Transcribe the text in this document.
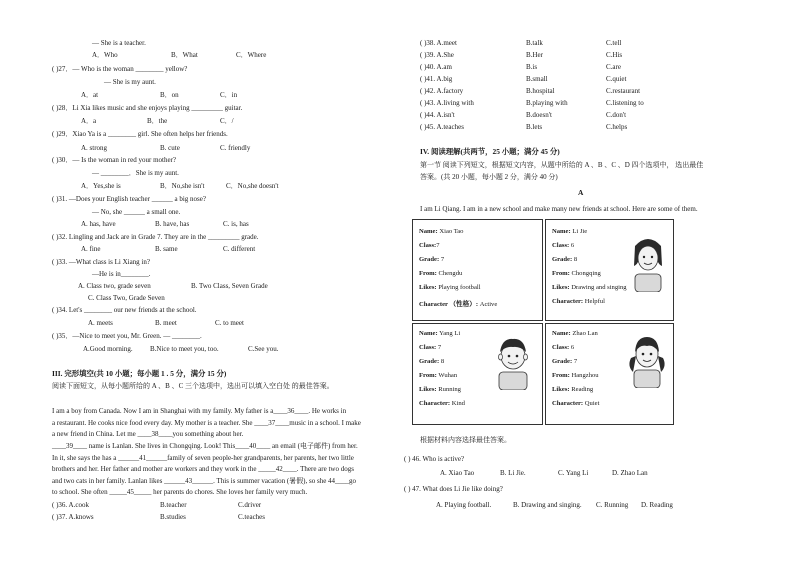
— She is a teacher.
A．Who	B．What	C．Where
( )27．— Who is the woman ________ yellow?
— She is my aunt.
A．at	B．on	C．in
( )28．Li Xia likes music and she enjoys playing _________ guitar.
A．a	B．the	C．/
( )29．Xiao Ya is a ________ girl. She often helps her friends.
A. strong	B. cute	C. friendly
( )30．— Is the woman in red your mother?
— ________．She is my aunt.
A．Yes,she is	B．No,she isn't	C．No,she doesn't
( )31. —Does your English teacher ______ a big nose?
— No, she ______ a small one.
A. has, have	B. have, has	C. is, has
( )32. Lingling and Jack are in Grade 7. They are in the _________ grade.
A. fine	B. same	C. different
( )33. —What class is Li Xiang in?
—He is in________.
A. Class two, grade seven	B. Two Class, Seven Grade
C. Class Two, Grade Seven
( )34. Let's ________ our new friends at the school.
A. meets	B. meet	C. to meet
( )35．—Nice to meet you, Mr. Green. — ________.
A.Good morning. B.Nice to meet you, too.	C.See you.
III. 完形填空(共 10 小题；每小题 1 . 5 分，满分 15 分)
阅读下面短文，从每小题所给的 A 、B 、C 三个选项中，选出可以填入空白处 的最佳答案。
I am a boy from Canada. Now I am in Shanghai with my family. My father is a____36____. He works in
a restaurant. He cooks nice food every day. My mother is a teacher. She ____37____music in a school. I make
a new friend in China. Let me ____38____you something about her.
____39____ name is Lanlan. She lives in Chongqing. Look! This____40____ an email (电子邮件) from her.
In it, she says the has a ______41______family of seven people-her grandparents, her parents, her two little
brothers and her. Her father and mother are workers and they work in the _____42____. There are two dogs
and two cats in her family. Lanlan likes ______43______. This is summer vacation (暑假), so she 44____go
to school. She often _____45_____ her parents do chores. She loves her family very much.
( )36. A.cook	B.teacher	C.driver
( )37. A.knows	B.studies	C.teaches
( )38. A.meet	B.talk	C.tell
( )39. A.She	B.Her	C.His
( )40. A.am	B.is	C.are
( )41. A.big	B.small	C.quiet
( )42. A.factory	B.hospital	C.restaurant
( )43. A.living with	B.playing with	C.listening to
( )44. A.isn't	B.doesn't	C.don't
( )45. A.teaches	B.lets	C.helps
IV. 阅读理解(共两节，25 小题；满分 45 分)
第一节 阅读下列短文，根据短文内容，从题中所给的 A 、B 、C 、D 四个选项中， 选出最佳
答案。(共 20 小题，每小题 2 分，满分 40 分)
A
I am Li Qiang. I am in a new school and make many new friends at school. Here are some of them.
Name: Xiao Tao
Class:7
Grade: 7
From: Chengdu
Likes: Playing football
Character （性格）: Active
Name: Li Jie
Class: 6
Grade: 8
From: Chongqing
Likes: Drawing and singing
Character: Helpful
Name: Yang Li
Class: 7
Grade: 8
From: Wuhan
Likes: Running
Character: Kind
Name: Zhao Lan
Class: 6
Grade: 7
From: Hangzhou
Likes: Reading
Character: Quiet
根据材料内容选择最佳答案。
( ) 46. Who is active?
A. Xiao Tao	B. Li Jie.	C. Yang Li	D. Zhao Lan
( ) 47. What does Li Jie like doing?
A. Playing football.	B. Drawing and singing. C. Running D. Reading
